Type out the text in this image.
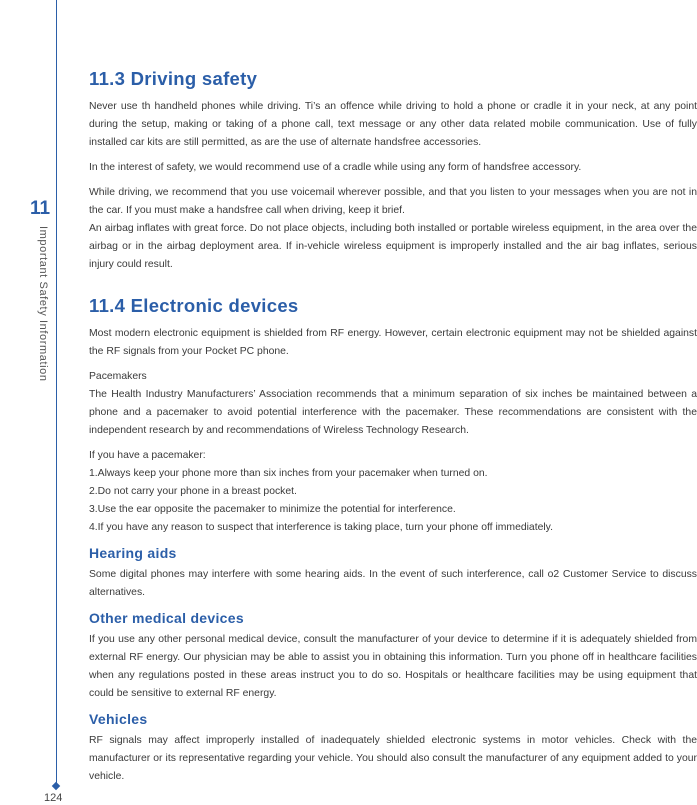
11
Important Safety Information
124
11.3 Driving safety

Never use th handheld phones while driving. Ti’s an offence while driving to hold a phone or cradle it in your neck, at any point during the setup, making or taking of a phone call, text message or any other data related mobile communication. Use of fully installed car kits are still permitted, as are the use of alternate handsfree accessories.

In the interest of safety, we would recommend use of a cradle while using any form of handsfree accessory.

While driving, we recommend that you use voicemail wherever possible, and that you listen to your messages when you are not in the car. If you must make a handsfree call when driving, keep it brief.

An airbag inflates with great force. Do not place objects, including both installed or portable wireless equipment, in the area over the airbag or in the airbag deployment area. If in-vehicle wireless equipment is improperly installed and the air bag inflates, serious injury could result.

11.4 Electronic devices

Most modern electronic equipment is shielded from RF energy. However, certain electronic equipment may not be shielded against the RF signals from your Pocket PC phone.

Pacemakers

The Health Industry Manufacturers’ Association recommends that a minimum separation of six inches be maintained between a phone and a pacemaker to avoid potential interference with the pacemaker. These recommendations are consistent with the independent research by and recommendations of Wireless Technology Research.

If you have a pacemaker:

1.Always keep your phone more than six inches from your pacemaker when turned on.
2.Do not carry your phone in a breast pocket.
3.Use the ear opposite the pacemaker to minimize the potential for interference.
4.If you have any reason to suspect that interference is taking place, turn your phone off immediately.

Hearing aids

Some digital phones may interfere with some hearing aids. In the event of such interference, call o2 Customer Service to discuss alternatives.

Other medical devices

If you use any other personal medical device, consult the manufacturer of your device to determine if it is adequately shielded from external RF energy. Our physician may be able to assist you in obtaining this information. Turn you phone off in healthcare facilities when any regulations posted in these areas instruct you to do so. Hospitals or healthcare facilities may be using equipment that could be sensitive to external RF energy.

Vehicles

RF signals may affect improperly installed of inadequately shielded electronic systems in motor vehicles. Check with the manufacturer or its representative regarding your vehicle. You should also consult the manufacturer of any equipment added to your vehicle.
